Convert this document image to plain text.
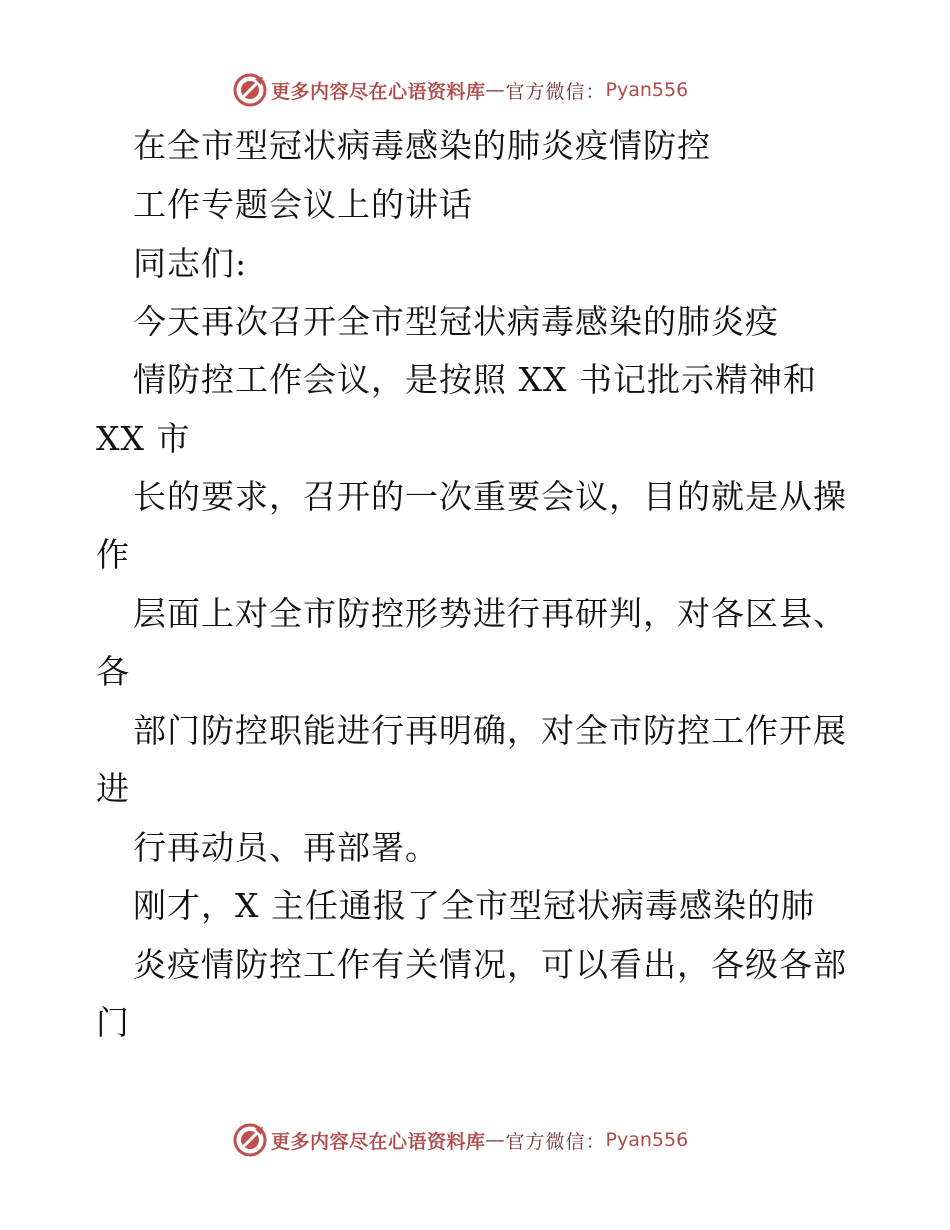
更多内容尽在心语资料库 — 官方微信： Pyan556
在全市型冠状病毒感染的肺炎疫情防控
工作专题会议上的讲话
同志们:
今天再次召开全市型冠状病毒感染的肺炎疫
情防控工作会议，是按照 XX 书记批示精神和
XX 市
长的要求，召开的一次重要会议，目的就是从操
作
层面上对全市防控形势进行再研判，对各区县、
各
部门防控职能进行再明确，对全市防控工作开展
进
行再动员、再部署。
刚才，X 主任通报了全市型冠状病毒感染的肺
炎疫情防控工作有关情况，可以看出，各级各部
门
更多内容尽在心语资料库 — 官方微信： Pyan556
